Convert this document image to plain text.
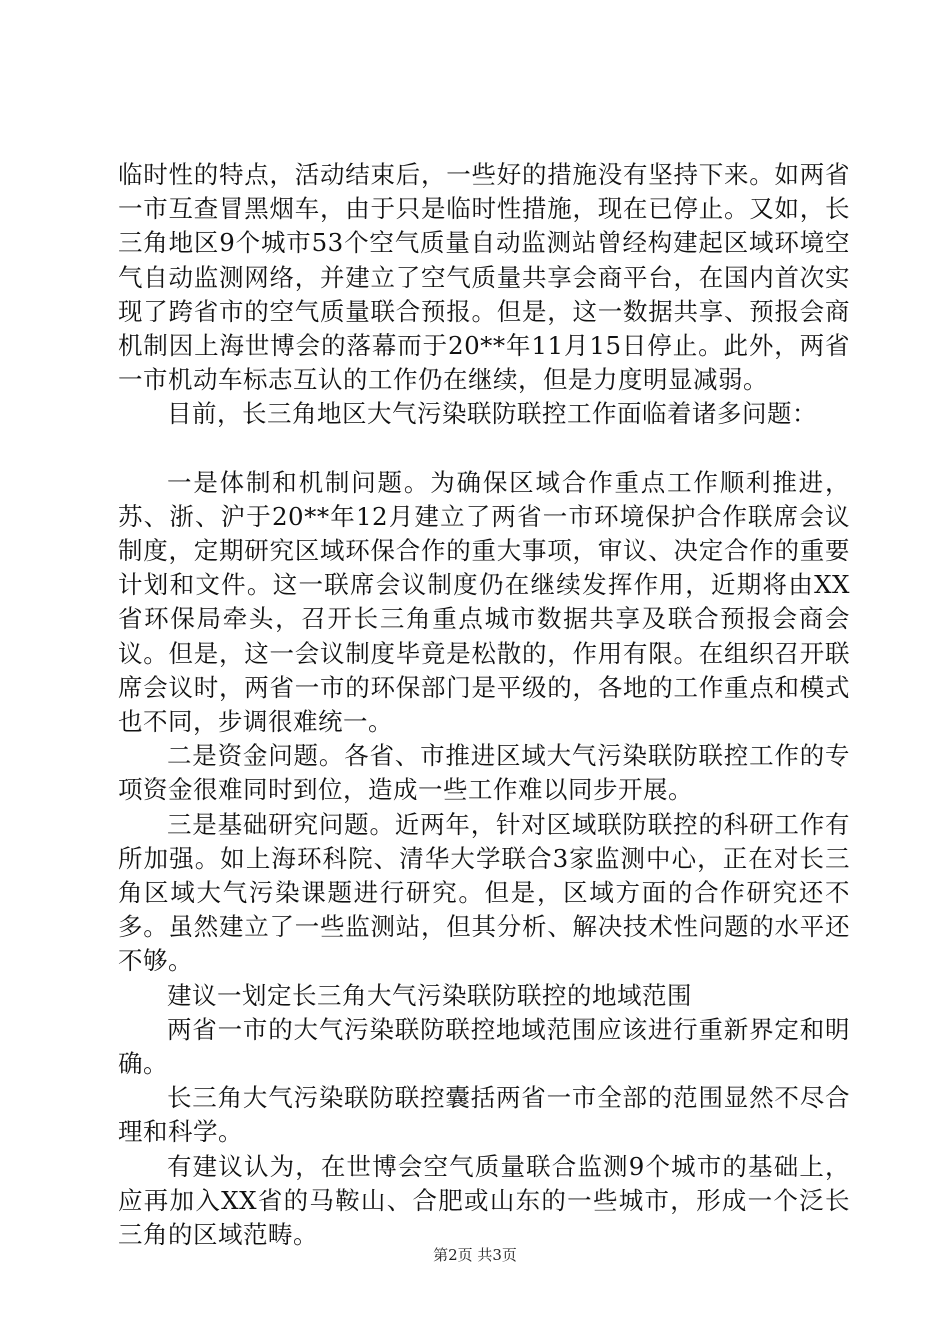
临时性的特点，活动结束后，一些好的措施没有坚持下来。如两省一市互查冒黑烟车，由于只是临时性措施，现在已停止。又如，长三角地区9个城市53个空气质量自动监测站曾经构建起区域环境空气自动监测网络，并建立了空气质量共享会商平台，在国内首次实现了跨省市的空气质量联合预报。但是，这一数据共享、预报会商机制因上海世博会的落幕而于20**年11月15日停止。此外，两省一市机动车标志互认的工作仍在继续，但是力度明显减弱。

目前，长三角地区大气污染联防联控工作面临着诸多问题：

一是体制和机制问题。为确保区域合作重点工作顺利推进，苏、浙、沪于20**年12月建立了两省一市环境保护合作联席会议制度，定期研究区域环保合作的重大事项，审议、决定合作的重要计划和文件。这一联席会议制度仍在继续发挥作用，近期将由XX省环保局牵头，召开长三角重点城市数据共享及联合预报会商会议。但是，这一会议制度毕竟是松散的，作用有限。在组织召开联席会议时，两省一市的环保部门是平级的，各地的工作重点和模式也不同，步调很难统一。

二是资金问题。各省、市推进区域大气污染联防联控工作的专项资金很难同时到位，造成一些工作难以同步开展。

三是基础研究问题。近两年，针对区域联防联控的科研工作有所加强。如上海环科院、清华大学联合3家监测中心，正在对长三角区域大气污染课题进行研究。但是，区域方面的合作研究还不多。虽然建立了一些监测站，但其分析、解决技术性问题的水平还不够。

建议一划定长三角大气污染联防联控的地域范围

两省一市的大气污染联防联控地域范围应该进行重新界定和明确。

长三角大气污染联防联控囊括两省一市全部的范围显然不尽合理和科学。

有建议认为，在世博会空气质量联合监测9个城市的基础上，应再加入XX省的马鞍山、合肥或山东的一些城市，形成一个泛长三角的区域范畴。

第2页 共3页
